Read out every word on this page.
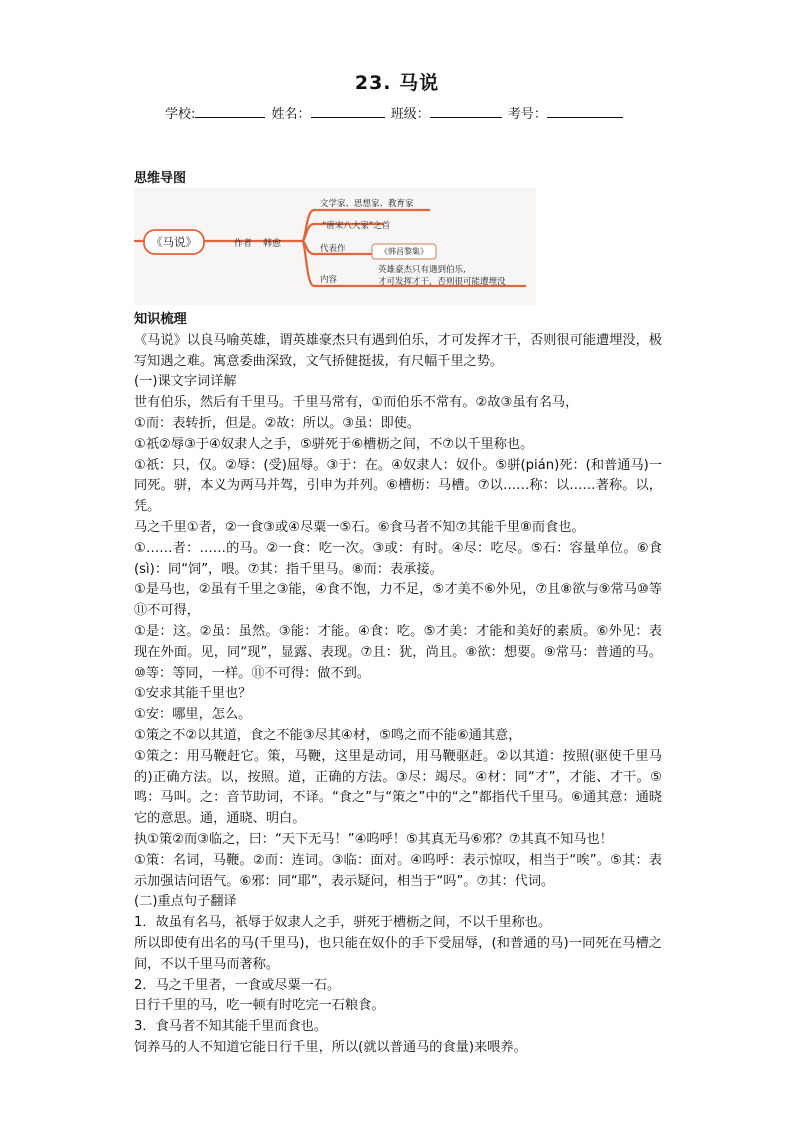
23. 马说
学校:	姓名：	班级：	考号：
思维导图
《马说》	作者 韩愈
文学家、思想家、教育家
“唐宋八大家”之首
代表作	《韩昌黎集》
内容
英雄豪杰只有遇到伯乐,
才可发挥才干，否则很可能遭埋没

知识梳理

《马说》以良马喻英雄，谓英雄豪杰只有遇到伯乐，才可发挥才干，否则很可能遭埋没，极写知遇之难。寓意委曲深致，文气挢健挺拔，有尺幅千里之势。

(一)课文字词详解

世有伯乐，然后有千里马。千里马常有，①而伯乐不常有。②故③虽有名马，

①而：表转折，但是。②故：所以。③虽：即使。

①祇②辱③于④奴隶人之手，⑤骈死于⑥槽枥之间，不⑦以千里称也。

①祇：只，仅。②辱：(受)屈辱。③于：在。④奴隶人：奴仆。⑤骈(pián)死：(和普通马)一同死。骈，本义为两马并驾，引申为并列。⑥槽枥：马槽。⑦以……称：以……著称。以，凭。

马之千里①者，②一食③或④尽粟一⑤石。⑥食马者不知⑦其能千里⑧而食也。

①……者：……的马。②一食：吃一次。③或：有时。④尽：吃尽。⑤石：容量单位。⑥食(sì)：同“饲”，喂。⑦其：指千里马。⑧而：表承接。

①是马也，②虽有千里之③能，④食不饱，力不足，⑤才美不⑥外见，⑦且⑧欲与⑨常马⑩等⑪不可得，

①是：这。②虽：虽然。③能：才能。④食：吃。⑤才美：才能和美好的素质。⑥外见：表现在外面。见，同“现”，显露、表现。⑦且：犹，尚且。⑧欲：想要。⑨常马：普通的马。⑩等：等同，一样。⑪不可得：做不到。

①安求其能千里也？

①安：哪里，怎么。

①策之不②以其道，食之不能③尽其④材，⑤鸣之而不能⑥通其意，

①策之：用马鞭赶它。策，马鞭，这里是动词，用马鞭驱赶。②以其道：按照(驱使千里马的)正确方法。以，按照。道，正确的方法。③尽：竭尽。④材：同“才”，才能、才干。⑤鸣：马叫。之：音节助词，不译。“食之”与“策之”中的“之”都指代千里马。⑥通其意：通晓它的意思。通，通晓、明白。

执①策②而③临之，曰：“天下无马！”④呜呼！⑤其真无马⑥邪？⑦其真不知马也！

①策：名词，马鞭。②而：连词。③临：面对。④呜呼：表示惊叹，相当于“唉”。⑤其：表示加强诘问语气。⑥邪：同“耶”，表示疑问，相当于“吗”。⑦其：代词。

(二)重点句子翻译

1．故虽有名马，祇辱于奴隶人之手，骈死于槽枥之间，不以千里称也。

所以即使有出名的马(千里马)，也只能在奴仆的手下受屈辱，(和普通的马)一同死在马槽之间，不以千里马而著称。

2．马之千里者，一食或尽粟一石。

日行千里的马，吃一顿有时吃完一石粮食。

3．食马者不知其能千里而食也。

饲养马的人不知道它能日行千里，所以(就以普通马的食量)来喂养。
